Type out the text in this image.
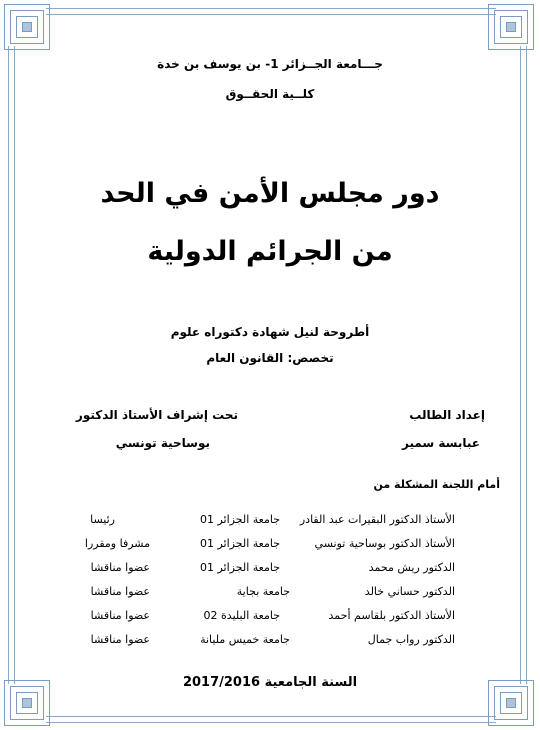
جـــامعة الجــزائر 1- بن يوسف بن خدة
كلــية الحقــوق
دور مجلس الأمن في الحد
من الجرائم الدولية
أطروحة لنيل شهادة دكتوراه علوم
تخصص: القانون العام
إعداد الطالب
تحت إشراف الأستاذ الدكتور
عبابسة سمير
بوساحية تونسي
أمام اللجنة المشكلة من
الأستاذ الدكتور البقيرات عبد القادر
جامعة الجزائر 01
رئيسا
الأستاذ الدكتور بوساحية تونسي
جامعة الجزائر 01
مشرفا ومقررا
الدكتور ريش محمد
جامعة الجزائر 01
عضوا مناقشا
الدكتور حساني خالد
جامعة بجاية
عضوا مناقشا
الأستاذ الدكتور بلقاسم أحمد
جامعة البليدة 02
عضوا مناقشا
الدكتور رواب جمال
جامعة خميس مليانة
عضوا مناقشا
السنة الجامعية 2017/2016
